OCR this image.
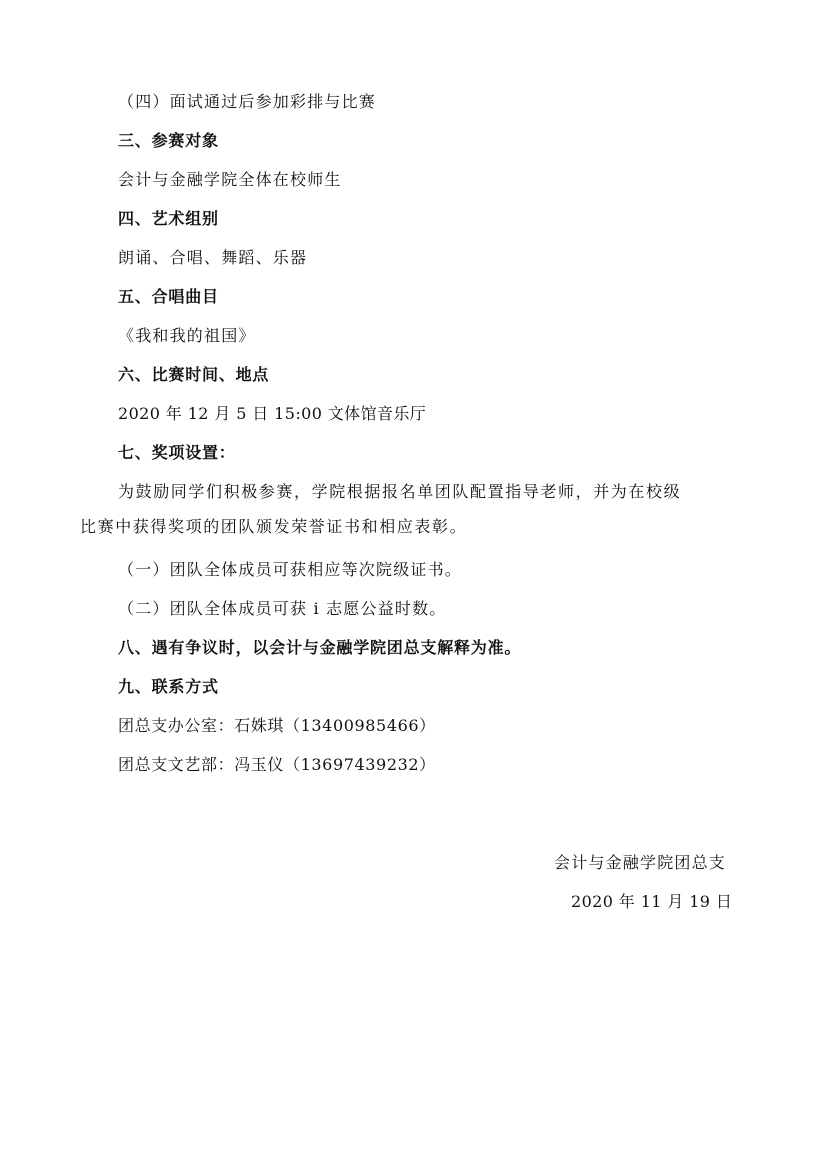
（四）面试通过后参加彩排与比赛
三、参赛对象
会计与金融学院全体在校师生
四、艺术组别
朗诵、合唱、舞蹈、乐器
五、合唱曲目
《我和我的祖国》
六、比赛时间、地点
2020 年 12 月 5 日 15:00 文体馆音乐厅
七、奖项设置：
为鼓励同学们积极参赛，学院根据报名单团队配置指导老师，并为在校级
比赛中获得奖项的团队颁发荣誉证书和相应表彰。
（一）团队全体成员可获相应等次院级证书。
（二）团队全体成员可获 i 志愿公益时数。
八、遇有争议时，以会计与金融学院团总支解释为准。
九、联系方式
团总支办公室：石姝琪（13400985466）
团总支文艺部：冯玉仪（13697439232）
会计与金融学院团总支
2020 年 11 月 19 日
